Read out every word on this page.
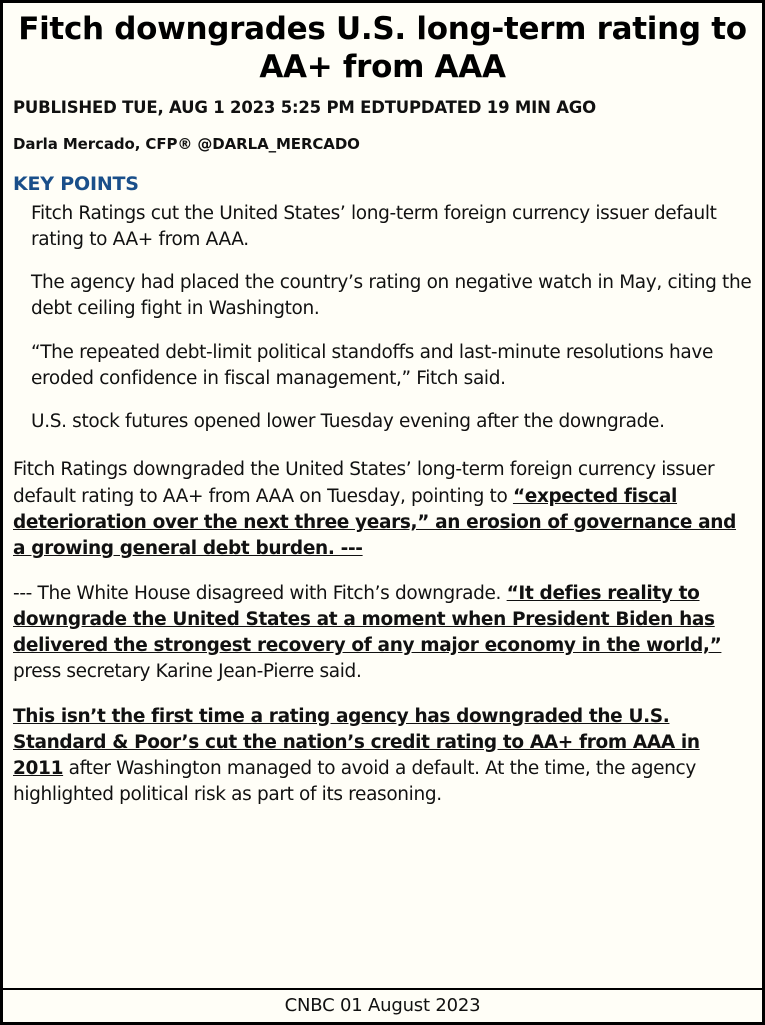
Fitch downgrades U.S. long-term rating to AA+ from AAA
PUBLISHED TUE, AUG 1 2023 5:25 PM EDTUPDATED 19 MIN AGO
Darla Mercado, CFP® @DARLA_MERCADO
KEY POINTS
Fitch Ratings cut the United States’ long-term foreign currency issuer default rating to AA+ from AAA.
The agency had placed the country’s rating on negative watch in May, citing the debt ceiling fight in Washington.
“The repeated debt-limit political standoffs and last-minute resolutions have eroded confidence in fiscal management,” Fitch said.
U.S. stock futures opened lower Tuesday evening after the downgrade.

Fitch Ratings downgraded the United States’ long-term foreign currency issuer default rating to AA+ from AAA on Tuesday, pointing to “expected fiscal deterioration over the next three years,” an erosion of governance and a growing general debt burden. ---

--- The White House disagreed with Fitch’s downgrade. “It defies reality to downgrade the United States at a moment when President Biden has delivered the strongest recovery of any major economy in the world,” press secretary Karine Jean-Pierre said.

This isn’t the first time a rating agency has downgraded the U.S. Standard & Poor’s cut the nation’s credit rating to AA+ from AAA in 2011 after Washington managed to avoid a default. At the time, the agency highlighted political risk as part of its reasoning.

CNBC 01 August 2023
